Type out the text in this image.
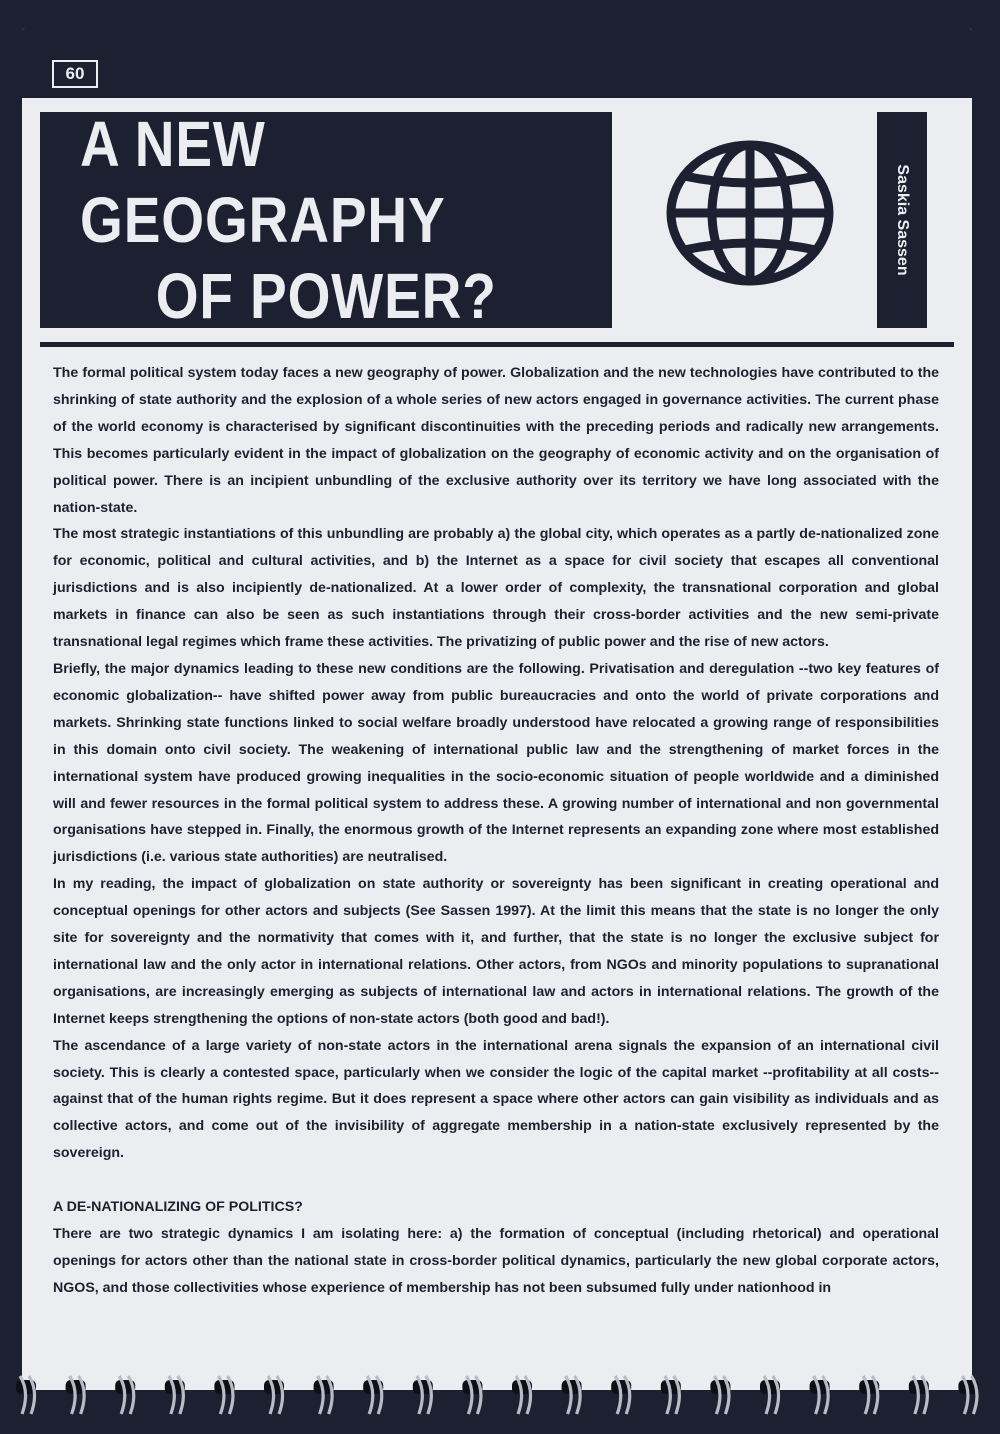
60
A NEW GEOGRAPHY
OF POWER?
Saskia Sassen

The formal political system today faces a new geography of power. Globalization and the new technologies have contributed to the shrinking of state authority and the explosion of a whole series of new actors engaged in governance activities. The current phase of the world economy is characterised by significant discontinuities with the preceding periods and radically new arrangements. This becomes particularly evident in the impact of globalization on the geography of economic activity and on the organisation of political power. There is an incipient unbundling of the exclusive authority over its territory we have long associated with the nation-state.

The most strategic instantiations of this unbundling are probably a) the global city, which operates as a partly de-nationalized zone for economic, political and cultural activities, and b) the Internet as a space for civil society that escapes all conventional jurisdictions and is also incipiently de-nationalized. At a lower order of complexity, the transnational corporation and global markets in finance can also be seen as such instantiations through their cross-border activities and the new semi-private transnational legal regimes which frame these activities. The privatizing of public power and the rise of new actors.

Briefly, the major dynamics leading to these new conditions are the following. Privatisation and deregulation --two key features of economic globalization-- have shifted power away from public bureaucracies and onto the world of private corporations and markets. Shrinking state functions linked to social welfare broadly understood have relocated a growing range of responsibilities in this domain onto civil society. The weakening of international public law and the strengthening of market forces in the international system have produced growing inequalities in the socio-economic situation of people worldwide and a diminished will and fewer resources in the formal political system to address these. A growing number of international and non governmental organisations have stepped in. Finally, the enormous growth of the Internet represents an expanding zone where most established jurisdictions (i.e. various state authorities) are neutralised.

In my reading, the impact of globalization on state authority or sovereignty has been significant in creating operational and conceptual openings for other actors and subjects (See Sassen 1997). At the limit this means that the state is no longer the only site for sovereignty and the normativity that comes with it, and further, that the state is no longer the exclusive subject for international law and the only actor in international relations. Other actors, from NGOs and minority populations to supranational organisations, are increasingly emerging as subjects of international law and actors in international relations. The growth of the Internet keeps strengthening the options of non-state actors (both good and bad!).

The ascendance of a large variety of non-state actors in the international arena signals the expansion of an international civil society. This is clearly a contested space, particularly when we consider the logic of the capital market --profitability at all costs-- against that of the human rights regime. But it does represent a space where other actors can gain visibility as individuals and as collective actors, and come out of the invisibility of aggregate membership in a nation-state exclusively represented by the sovereign.

A DE-NATIONALIZING OF POLITICS?

There are two strategic dynamics I am isolating here: a) the formation of conceptual (including rhetorical) and operational openings for actors other than the national state in cross-border political dynamics, particularly the new global corporate actors, NGOS, and those collectivities whose experience of membership has not been subsumed fully under nationhood in
